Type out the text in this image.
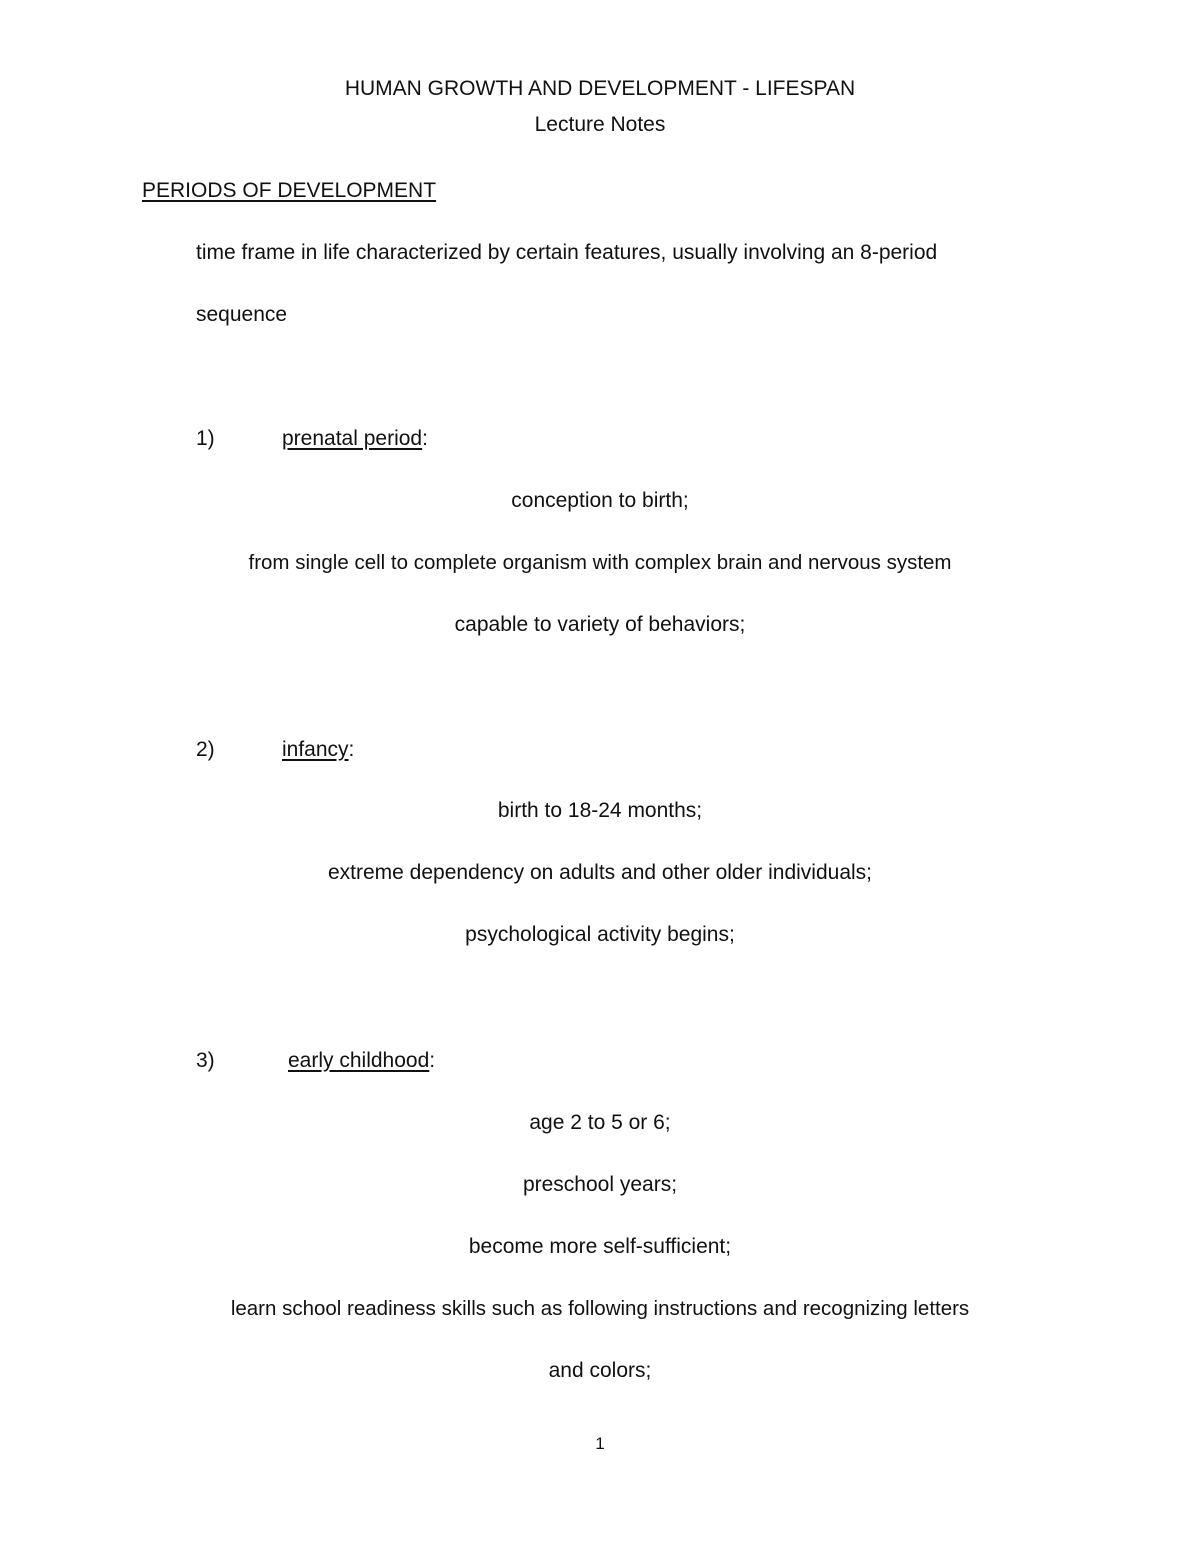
HUMAN GROWTH AND DEVELOPMENT - LIFESPAN
Lecture Notes
PERIODS OF DEVELOPMENT
time frame in life characterized by certain features, usually involving an 8-period
sequence
1)	prenatal period:
conception to birth;
from single cell to complete organism with complex brain and nervous system
capable to variety of behaviors;
2)	infancy:
birth to 18-24 months;
extreme dependency on adults and other older individuals;
psychological activity begins;
3)	early childhood:
age 2 to 5 or 6;
preschool years;
become more self-sufficient;
learn school readiness skills such as following instructions and recognizing letters
and colors;
1
